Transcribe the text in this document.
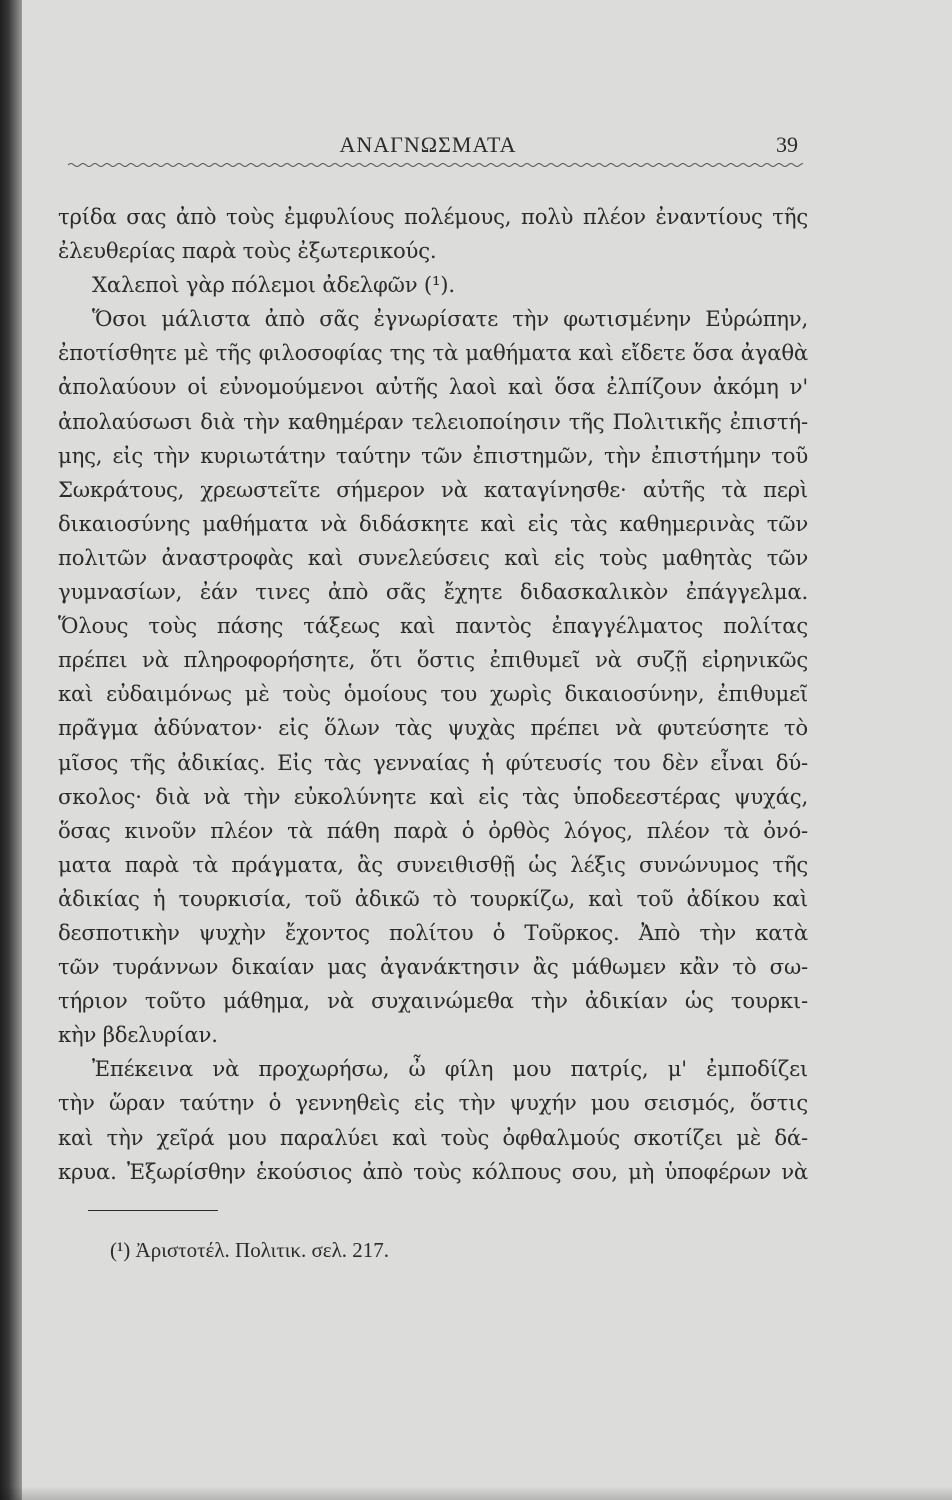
ΑΝΑΓΝΩΣΜΑΤΑ	39
τρίδα σας ἀπὸ τοὺς ἐμφυλίους πολέμους, πολὺ πλέον ἐναντίους τῆς
ἐλευθερίας παρὰ τοὺς ἐξωτερικούς.
Χαλεποὶ γὰρ πόλεμοι ἀδελφῶν (¹).
Ὅσοι μάλιστα ἀπὸ σᾶς ἐγνωρίσατε τὴν φωτισμένην Εὐρώπην,
ἐποτίσθητε μὲ τῆς φιλοσοφίας της τὰ μαθήματα καὶ εἴδετε ὅσα ἀγαθὰ
ἀπολαύουν οἱ εὐνομούμενοι αὐτῆς λαοὶ καὶ ὅσα ἐλπίζουν ἀκόμη ν'
ἀπολαύσωσι διὰ τὴν καθημέραν τελειοποίησιν τῆς Πολιτικῆς ἐπιστή-
μης, εἰς τὴν κυριωτάτην ταύτην τῶν ἐπιστημῶν, τὴν ἐπιστήμην τοῦ
Σωκράτους, χρεωστεῖτε σήμερον νὰ καταγίνησθε· αὐτῆς τὰ περὶ
δικαιοσύνης μαθήματα νὰ διδάσκητε καὶ εἰς τὰς καθημερινὰς τῶν
πολιτῶν ἀναστροφὰς καὶ συνελεύσεις καὶ εἰς τοὺς μαθητὰς τῶν
γυμνασίων, ἐάν τινες ἀπὸ σᾶς ἔχητε διδασκαλικὸν ἐπάγγελμα.
Ὅλους τοὺς πάσης τάξεως καὶ παντὸς ἐπαγγέλματος πολίτας
πρέπει νὰ πληροφορήσητε, ὅτι ὅστις ἐπιθυμεῖ νὰ συζῇ εἰρηνικῶς
καὶ εὐδαιμόνως μὲ τοὺς ὁμοίους του χωρὶς δικαιοσύνην, ἐπιθυμεῖ
πρᾶγμα ἀδύνατον· εἰς ὅλων τὰς ψυχὰς πρέπει νὰ φυτεύσητε τὸ
μῖσος τῆς ἀδικίας. Εἰς τὰς γενναίας ἡ φύτευσίς του δὲν εἶναι δύ-
σκολος· διὰ νὰ τὴν εὐκολύνητε καὶ εἰς τὰς ὑποδεεστέρας ψυχάς,
ὅσας κινοῦν πλέον τὰ πάθη παρὰ ὁ ὀρθὸς λόγος, πλέον τὰ ὀνό-
ματα παρὰ τὰ πράγματα, ἂς συνειθισθῇ ὡς λέξις συνώνυμος τῆς
ἀδικίας ἡ τουρκισία, τοῦ ἀδικῶ τὸ τουρκίζω, καὶ τοῦ ἀδίκου καὶ
δεσποτικὴν ψυχὴν ἔχοντος πολίτου ὁ Τοῦρκος. Ἀπὸ τὴν κατὰ
τῶν τυράννων δικαίαν μας ἀγανάκτησιν ἂς μάθωμεν κἂν τὸ σω-
τήριον τοῦτο μάθημα, νὰ συχαινώμεθα τὴν ἀδικίαν ὡς τουρκι-
κὴν βδελυρίαν.
Ἐπέκεινα νὰ προχωρήσω, ὦ φίλη μου πατρίς, μ' ἐμποδίζει
τὴν ὥραν ταύτην ὁ γεννηθεὶς εἰς τὴν ψυχήν μου σεισμός, ὅστις
καὶ τὴν χεῖρά μου παραλύει καὶ τοὺς ὀφθαλμούς σκοτίζει μὲ δά-
κρυα. Ἐξωρίσθην ἑκούσιος ἀπὸ τοὺς κόλπους σου, μὴ ὑποφέρων νὰ
(¹) Ἀριστοτέλ. Πολιτικ. σελ. 217.
